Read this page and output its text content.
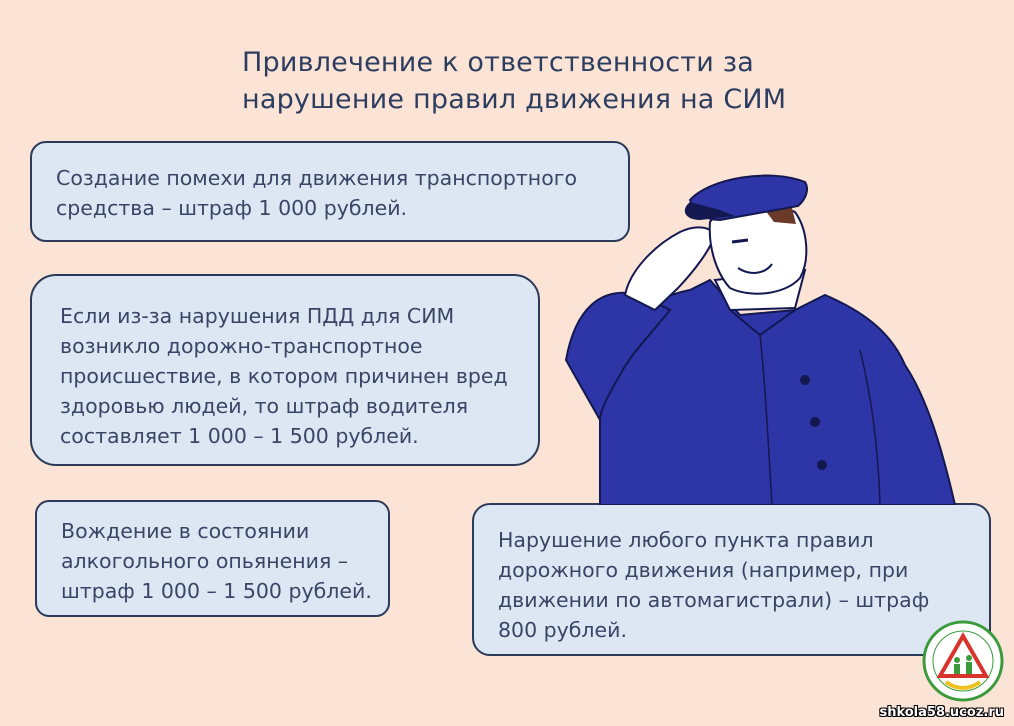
Привлечение к ответственности за
нарушение правил движения на СИМ
Создание помехи для движения транспортного
средства – штраф 1 000 рублей.
Если из-за нарушения ПДД для СИМ
возникло дорожно-транспортное
происшествие, в котором причинен вред
здоровью людей, то штраф водителя
составляет 1 000 – 1 500 рублей.
Вождение в состоянии
алкогольного опьянения –
штраф 1 000 – 1 500 рублей.
Нарушение любого пункта правил
дорожного движения (например, при
движении по автомагистрали) – штраф
800 рублей.
shkola58.ucoz.ru
